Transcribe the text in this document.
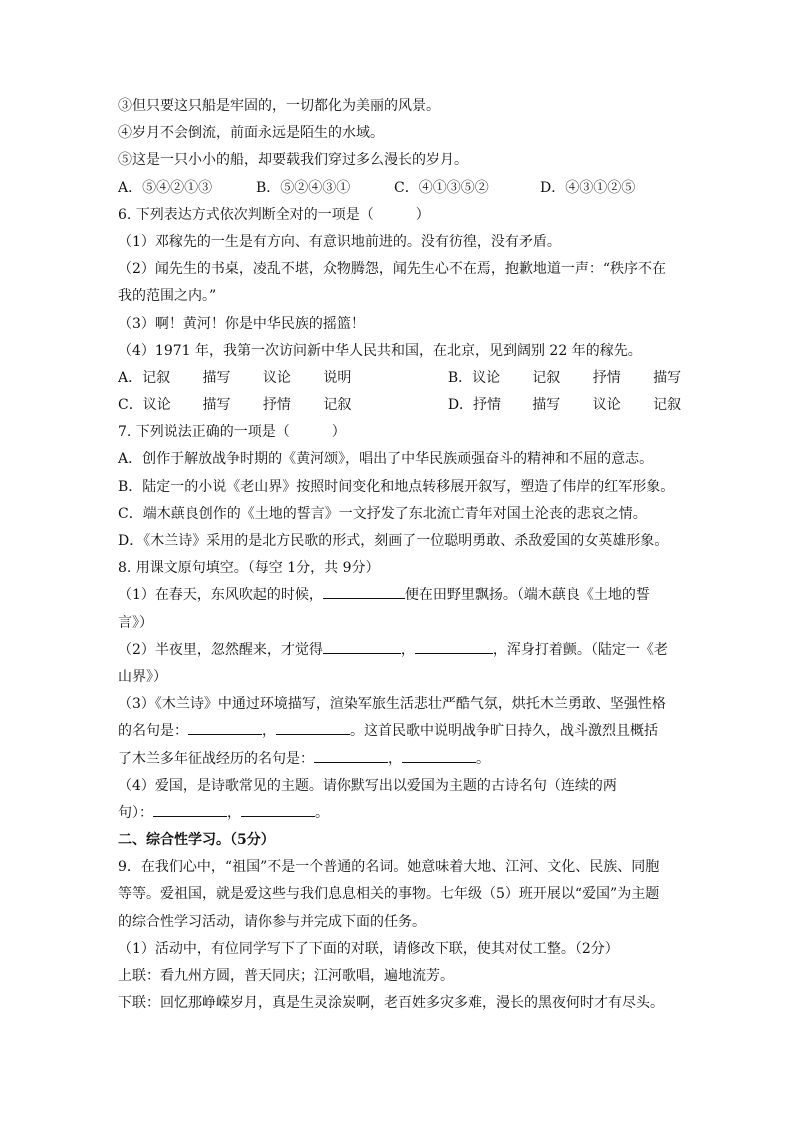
③但只要这只船是牢固的，一切都化为美丽的风景。
④岁月不会倒流，前面永远是陌生的水域。
⑤这是一只小小的船，却要载我们穿过多么漫长的岁月。
A．⑤④②①③	B．⑤②④③①	C．④①③⑤②	D．④③①②⑤
6. 下列表达方式依次判断全对的一项是（　　　）
（1）邓稼先的一生是有方向、有意识地前进的。没有彷徨，没有矛盾。
（2）闻先生的书桌，凌乱不堪，众物腾怨，闻先生心不在焉，抱歉地道一声：“秩序不在
我的范围之内。”
（3）啊！黄河！你是中华民族的摇篮！
（4）1971 年，我第一次访问新中华人民共和国，在北京，见到阔别 22 年的稼先。
A．记叙 描写 议论 说明	B．议论 记叙 抒情 描写
C．议论 描写 抒情 记叙	D．抒情 描写 议论 记叙
7. 下列说法正确的一项是（　　　）
A．创作于解放战争时期的《黄河颂》，唱出了中华民族顽强奋斗的精神和不屈的意志。
B．陆定一的小说《老山界》按照时间变化和地点转移展开叙写，塑造了伟岸的红军形象。
C．端木蕻良创作的《土地的誓言》一文抒发了东北流亡青年对国土沦丧的悲哀之情。
D．《木兰诗》采用的是北方民歌的形式，刻画了一位聪明勇敢、杀敌爱国的女英雄形象。
8. 用课文原句填空。（每空 1分，共 9分）
（1）在春天，东风吹起的时候，	便在田野里飘扬。（端木蕻良《土地的誓
言》）
（2）半夜里，忽然醒来，才觉得	，	，浑身打着颤。（陆定一《老
山界》）
（3）《木兰诗》中通过环境描写，渲染军旅生活悲壮严酷气氛，烘托木兰勇敢、坚强性格
的名句是：	，	。这首民歌中说明战争旷日持久，战斗激烈且概括
了木兰多年征战经历的名句是：	，	。
（4）爱国，是诗歌常见的主题。请你默写出以爱国为主题的古诗名句（连续的两
句）：	，	。
二、综合性学习。（5分）
9．在我们心中，“祖国”不是一个普通的名词。她意味着大地、江河、文化、民族、同胞
等等。爱祖国，就是爱这些与我们息息相关的事物。七年级（5）班开展以“爱国”为主题
的综合性学习活动，请你参与并完成下面的任务。
（1）活动中，有位同学写下了下面的对联，请修改下联，使其对仗工整。（2分）
上联：看九州方圆，普天同庆；江河歌唱，遍地流芳。
下联：回忆那峥嵘岁月，真是生灵涂炭啊，老百姓多灾多难，漫长的黑夜何时才有尽头。
